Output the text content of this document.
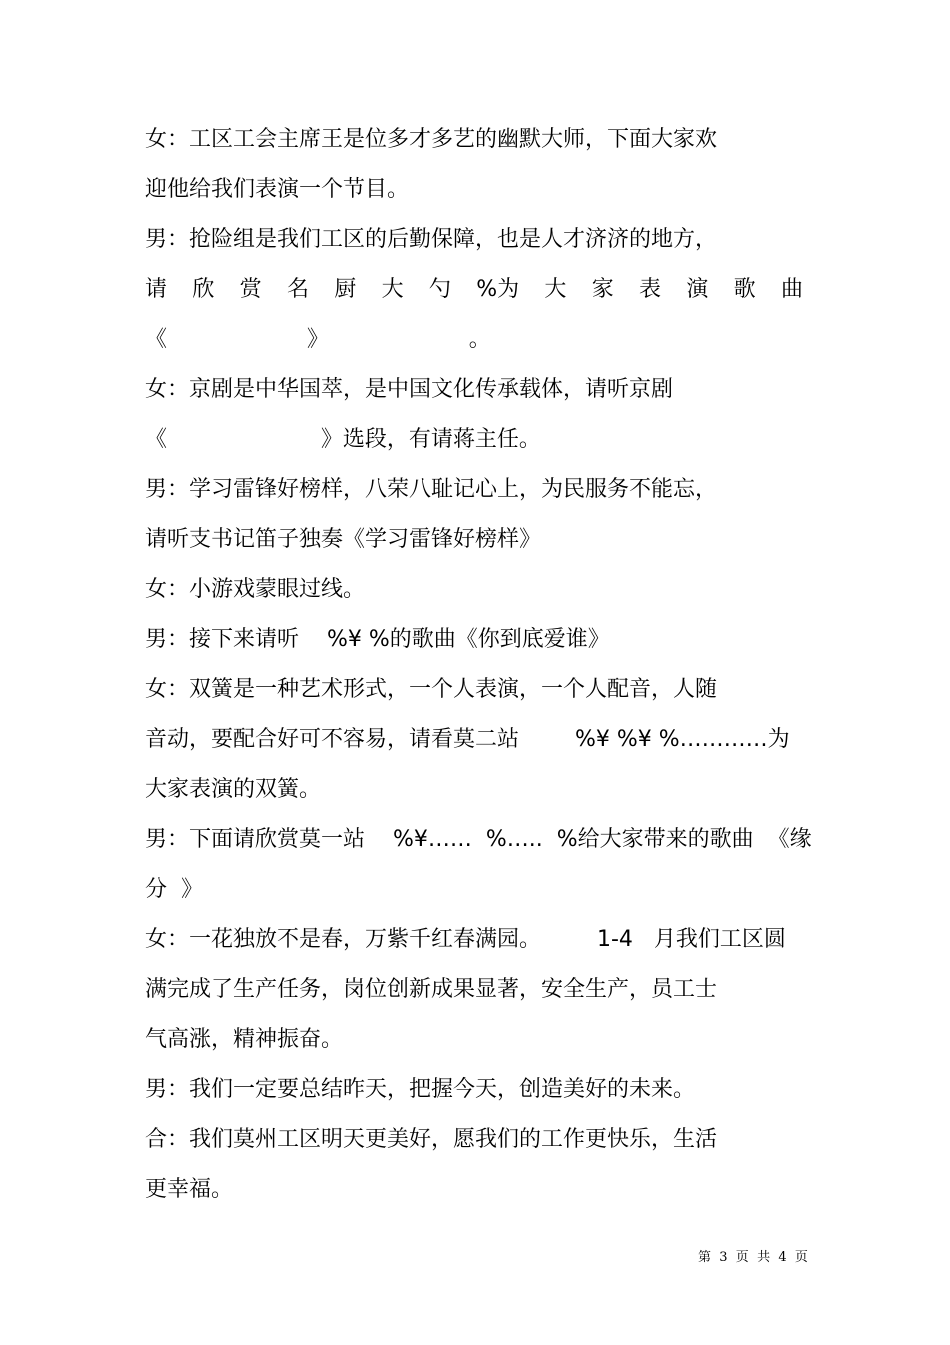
女：工区工会主席王是位多才多艺的幽默大师，下面大家欢
迎他给我们表演一个节目。
男：抢险组是我们工区的后勤保障，也是人才济济的地方，
请 欣 赏 名 厨 大 勺 %为 大 家 表 演 歌 曲
《                    》                    。
女：京剧是中华国萃，是中国文化传承载体，请听京剧
《                      》选段，有请蒋主任。
男：学习雷锋好榜样，八荣八耻记心上，为民服务不能忘，
请听支书记笛子独奏《学习雷锋好榜样》
女：小游戏蒙眼过线。
男：接下来请听    %¥ %的歌曲《你到底爱谁》
女：双簧是一种艺术形式，一个人表演，一个人配音，人随
音动，要配合好可不容易，请看莫二站        %¥ %¥ %…………为
大家表演的双簧。
男：下面请欣赏莫一站    %¥……  %…..  %给大家带来的歌曲  《缘
分  》
女：一花独放不是春，万紫千红春满园。        1-4   月我们工区圆
满完成了生产任务，岗位创新成果显著，安全生产，员工士
气高涨，精神振奋。
男：我们一定要总结昨天，把握今天，创造美好的未来。
合：我们莫州工区明天更美好，愿我们的工作更快乐，生活
更幸福。
第  3  页  共  4  页
